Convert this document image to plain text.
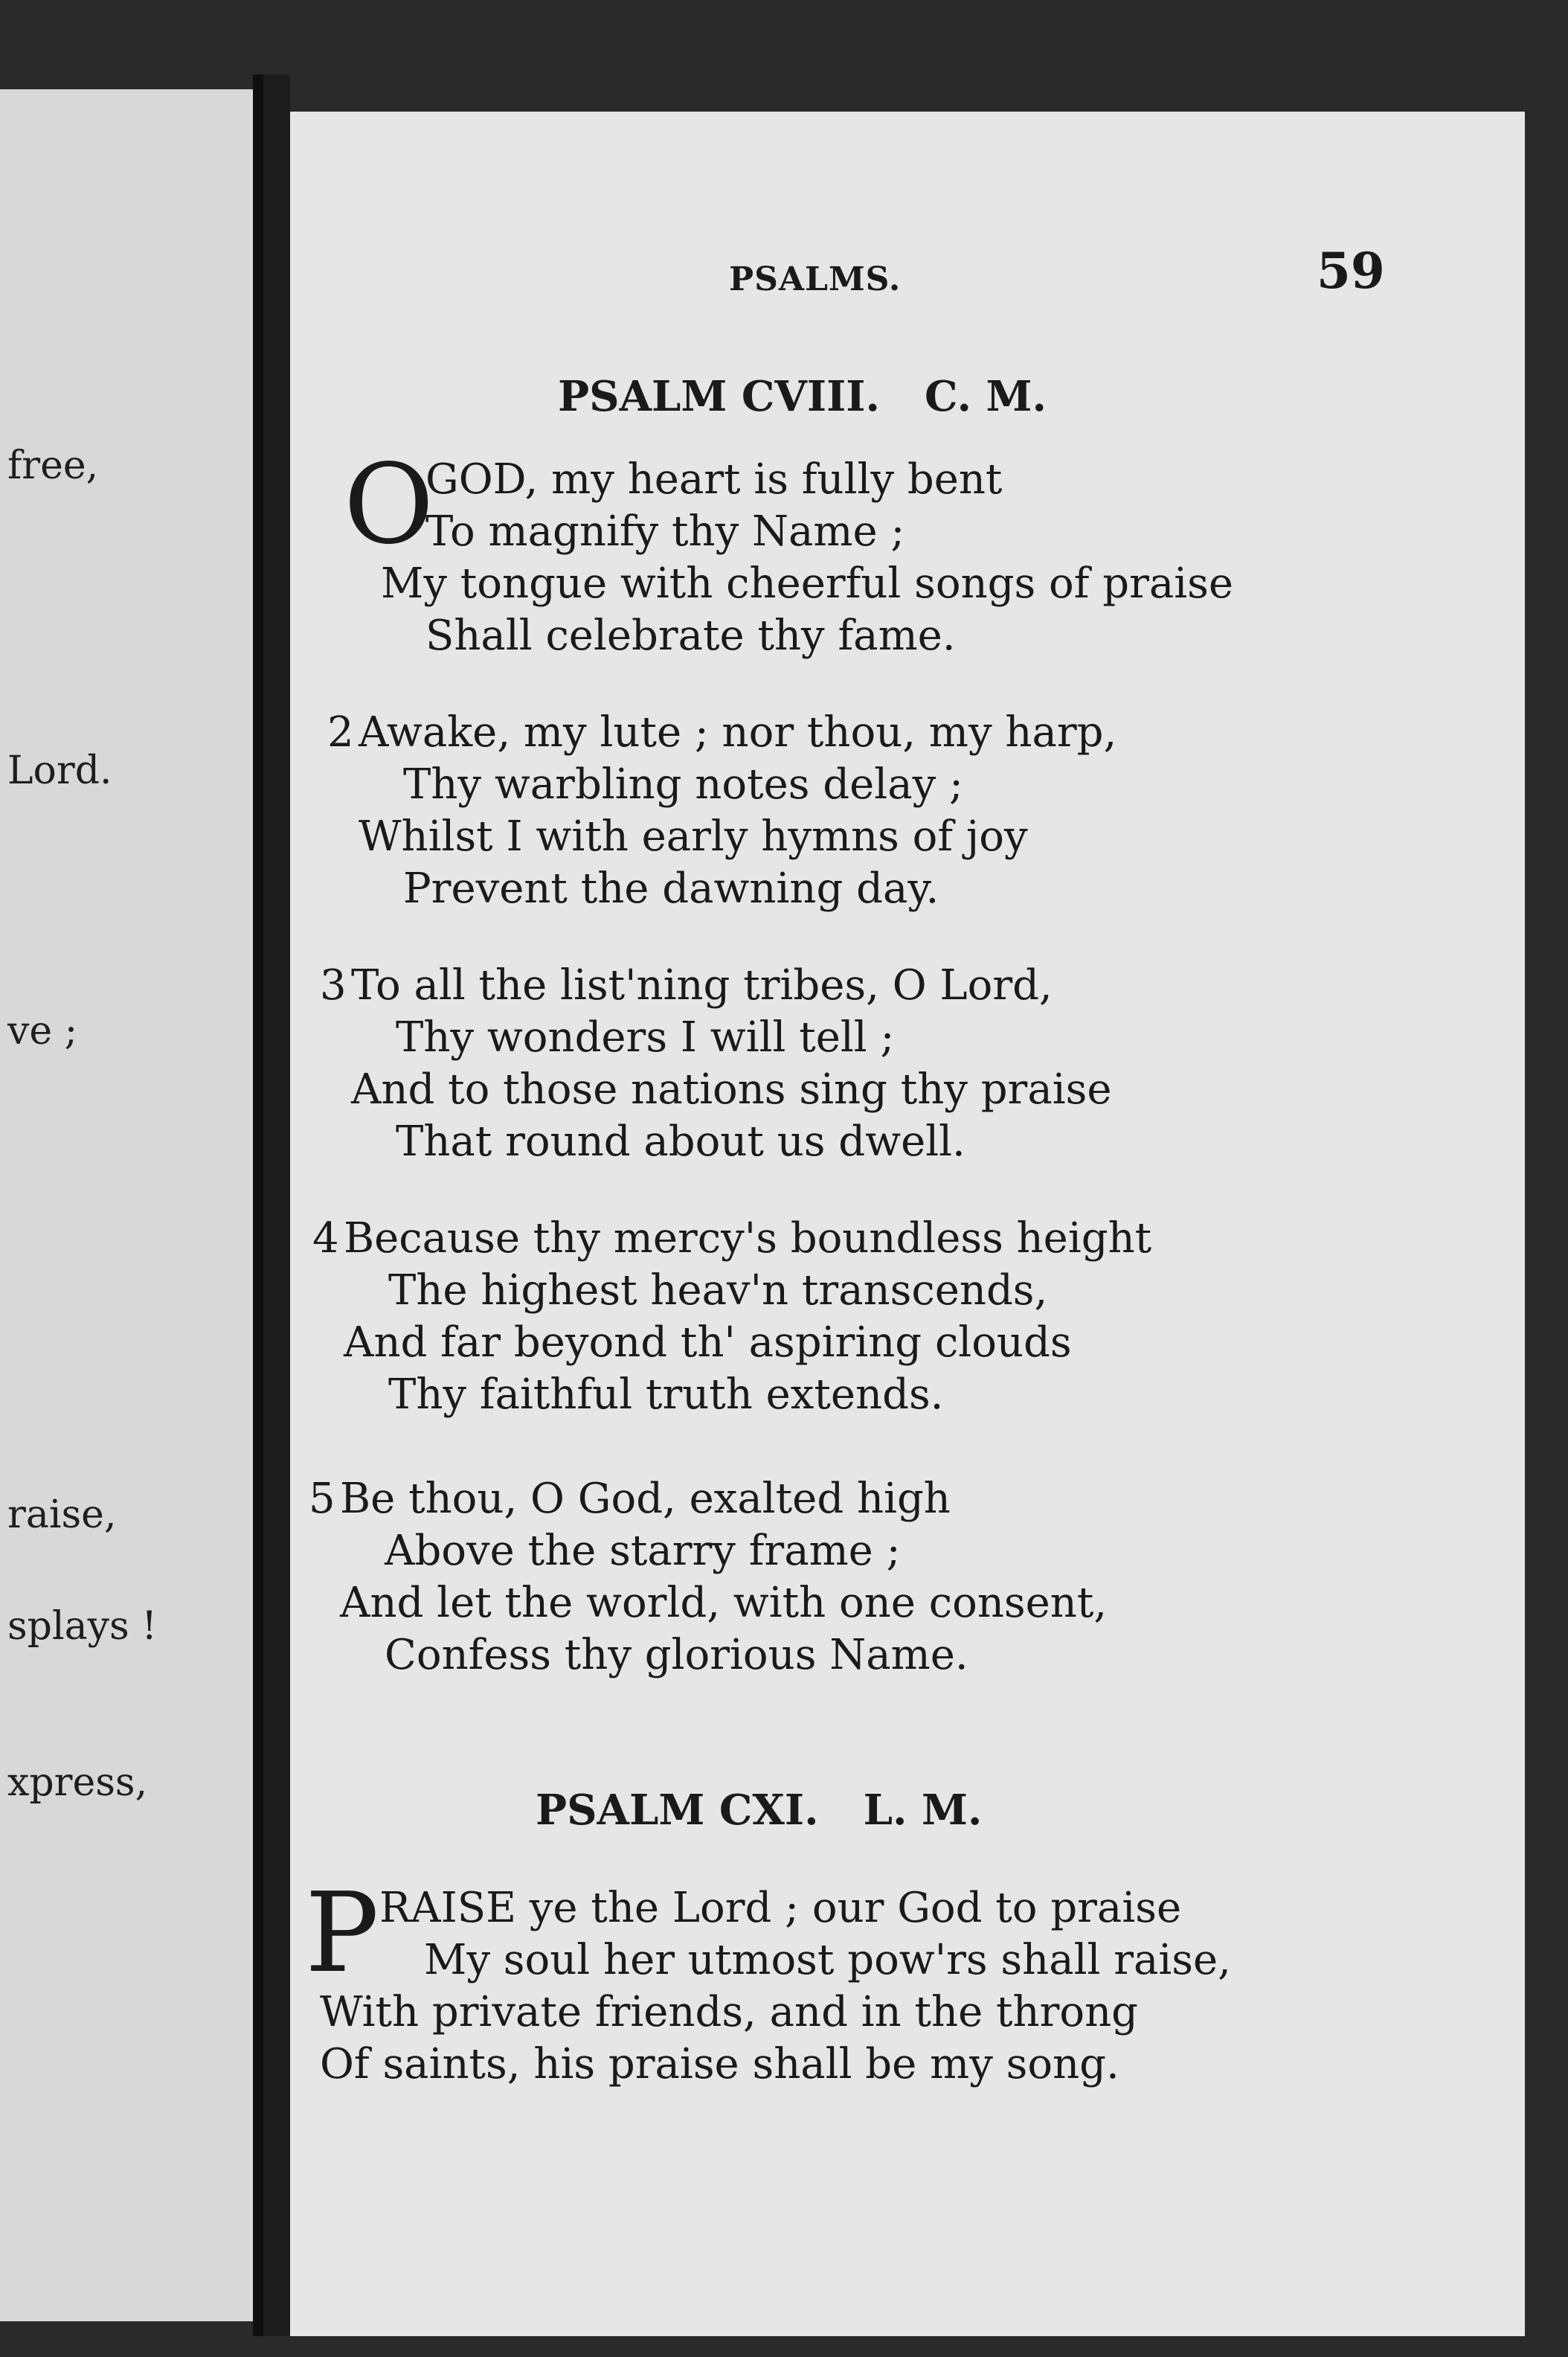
free,
Lord.
ve ;
raise,
splays !
xpress,
PSALMS.	59
PSALM CVIII. C. M.
O
GOD, my heart is fully bent
To magnify thy Name ;
My tongue with cheerful songs of praise
Shall celebrate thy fame.
2 Awake, my lute ; nor thou, my harp,
Thy warbling notes delay ;
Whilst I with early hymns of joy
Prevent the dawning day.
3 To all the list'ning tribes, O Lord,
Thy wonders I will tell ;
And to those nations sing thy praise
That round about us dwell.
4 Because thy mercy's boundless height
The highest heav'n transcends,
And far beyond th' aspiring clouds
Thy faithful truth extends.
5 Be thou, O God, exalted high
Above the starry frame ;
And let the world, with one consent,
Confess thy glorious Name.
PSALM CXI. L. M.
P RAISE ye the Lord ; our God to praise
My soul her utmost pow'rs shall raise,
With private friends, and in the throng
Of saints, his praise shall be my song.
